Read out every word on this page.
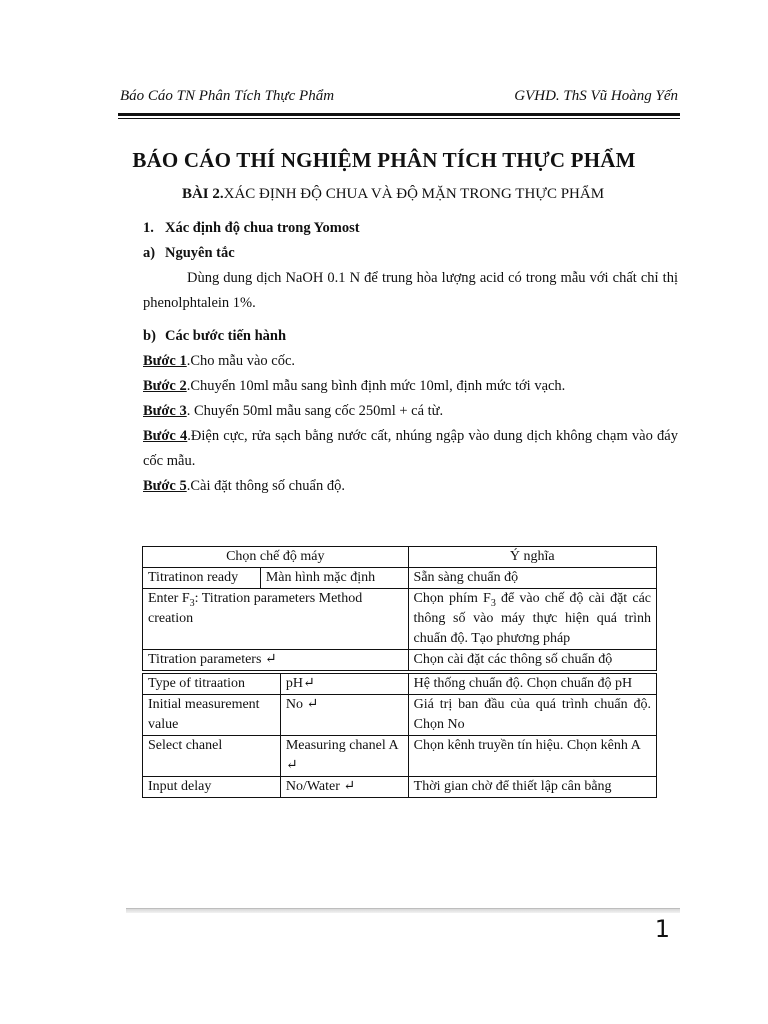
Báo Cáo TN Phân Tích Thực Phẩm	GVHD. ThS Vũ Hoàng Yến
BÁO CÁO THÍ NGHIỆM PHÂN TÍCH THỰC PHẨM
BÀI 2.XÁC ĐỊNH ĐỘ CHUA VÀ ĐỘ MẶN TRONG THỰC PHẨM

1. Xác định độ chua trong Yomost

a) Nguyên tắc

Dùng dung dịch NaOH 0.1 N để trung hòa lượng acid có trong mẫu với chất chỉ thị phenolphtalein 1%.

b) Các bước tiến hành

Bước 1.Cho mẫu vào cốc.

Bước 2.Chuyển 10ml mẫu sang bình định mức 10ml, định mức tới vạch.

Bước 3. Chuyển 50ml mẫu sang cốc 250ml + cá từ.

Bước 4.Điện cực, rửa sạch bằng nước cất, nhúng ngập vào dung dịch không chạm vào đáy cốc mẫu.

Bước 5.Cài đặt thông số chuẩn độ.

Chọn chế độ máy		Ý nghĩa
Titratinon ready	Màn hình mặc định	Sẵn sàng chuẩn độ
Enter $F_3$: Titration parameters Method creation		Chọn phím $F_3$ để vào chế độ cài đặt các thông số vào máy thực hiện quá trình chuẩn độ. Tạo phương pháp
Titration parameters ↵		Chọn cài đặt các thông số chuẩn độ
Type of titraation	pH↵	Hệ thống chuẩn độ. Chọn chuẩn độ pH
Initial measurement value	No ↵	Giá trị ban đầu của quá trình chuẩn độ. Chọn No
Select chanel	Measuring chanel A ↵	Chọn kênh truyền tín hiệu. Chọn kênh A
Input delay	No/Water ↵	Thời gian chờ để thiết lập cân bằng
1
